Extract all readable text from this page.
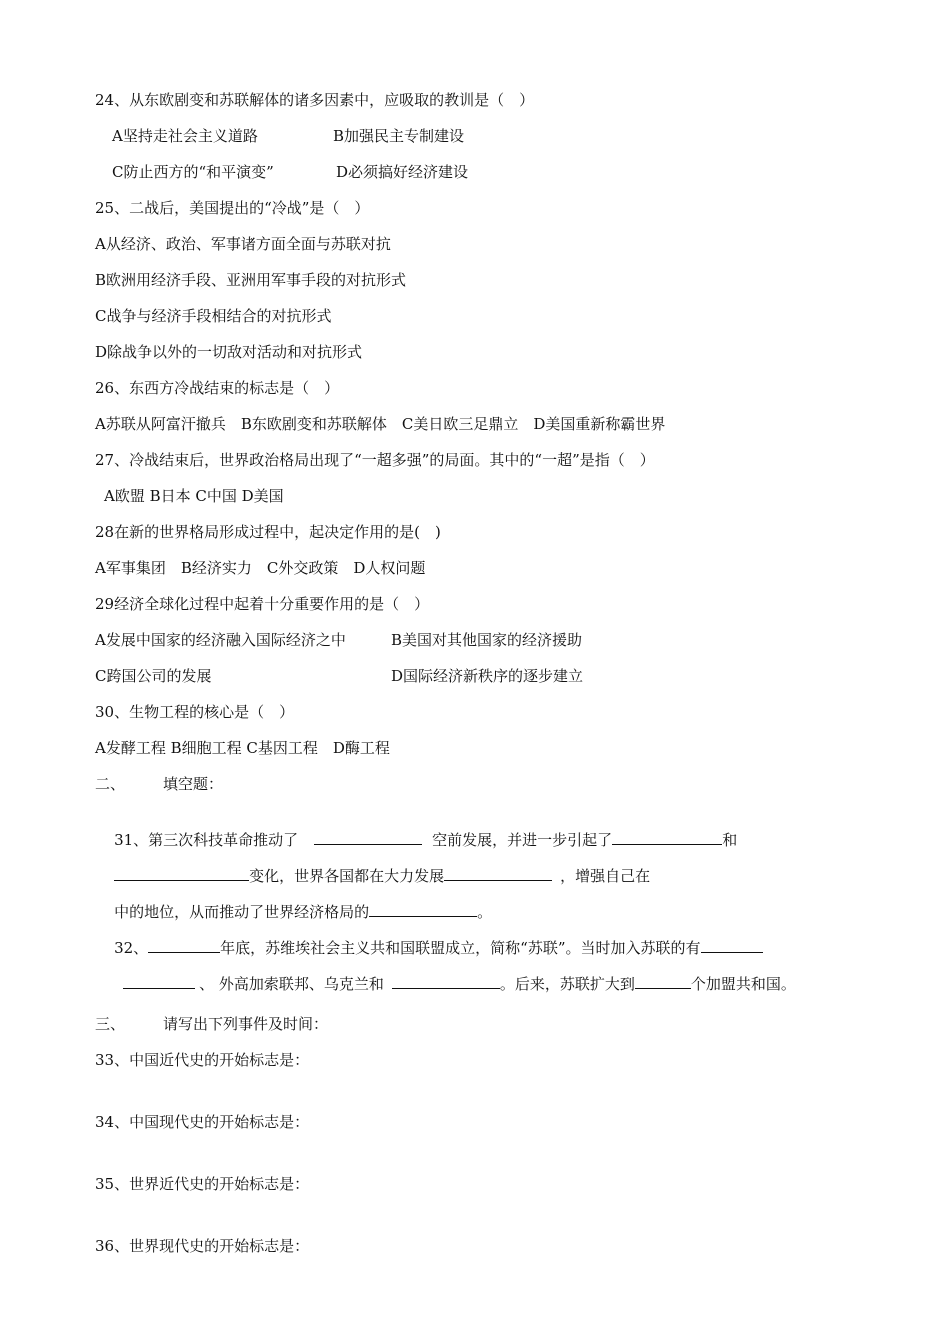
24、从东欧剧变和苏联解体的诸多因素中，应吸取的教训是（　）
A坚持走社会主义道路	B加强民主专制建设
C防止西方的“和平演变”	D必须搞好经济建设
25、二战后，美国提出的“冷战”是（　）
A从经济、政治、军事诸方面全面与苏联对抗
B欧洲用经济手段、亚洲用军事手段的对抗形式
C战争与经济手段相结合的对抗形式
D除战争以外的一切敌对活动和对抗形式
26、东西方冷战结束的标志是（　）
A苏联从阿富汗撤兵　B东欧剧变和苏联解体　C美日欧三足鼎立　D美国重新称霸世界
27、冷战结束后，世界政治格局出现了“一超多强”的局面。其中的“一超”是指（　）
A欧盟 B日本 C中国 D美国
28在新的世界格局形成过程中，起决定作用的是(　)
A军事集团　B经济实力　C外交政策　D人权问题
29经济全球化过程中起着十分重要作用的是（　）
A发展中国家的经济融入国际经济之中	B美国对其他国家的经济援助
C跨国公司的发展	D国际经济新秩序的逐步建立
30、生物工程的核心是（　）
A发酵工程 B细胞工程 C基因工程　D酶工程
二、	填空题：

31、第三次科技革命推动了	空前发展，并进一步引起了	和

变化，世界各国都在大力发展	，增强自己在

中的地位，从而推动了世界经济格局的	。

32、	年底，苏维埃社会主义共和国联盟成立，简称“苏联”。当时加入苏联的有

、 外高加索联邦、乌克兰和	。后来，苏联扩大到	个加盟共和国。

三、	请写出下列事件及时间：
33、中国近代史的开始标志是：
34、中国现代史的开始标志是：
35、世界近代史的开始标志是：
36、世界现代史的开始标志是：
